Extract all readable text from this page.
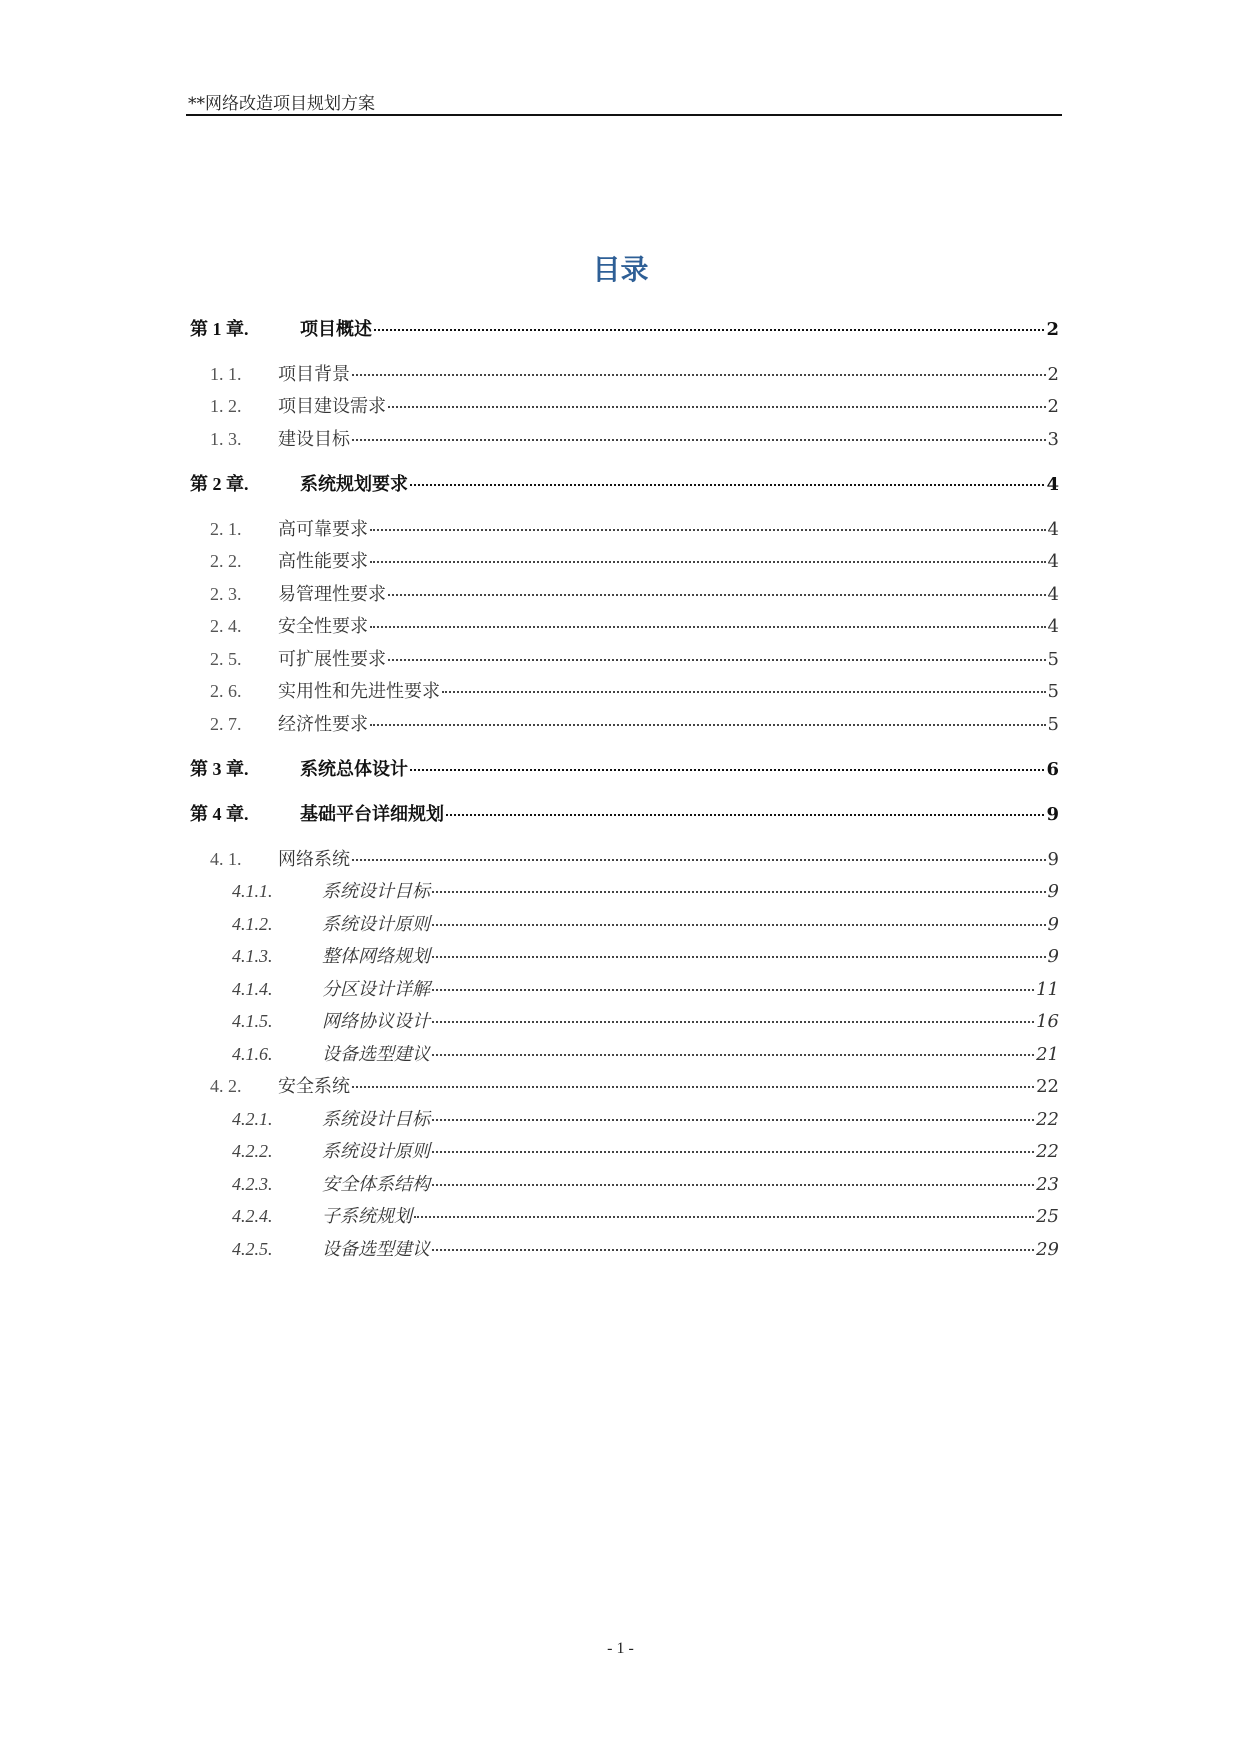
**网络改造项目规划方案
目录
第 1 章.	项目概述	2
1. 1.	项目背景	2
1. 2.	项目建设需求	2
1. 3.	建设目标	3
第 2 章.	系统规划要求	4
2. 1.	高可靠要求	4
2. 2.	高性能要求	4
2. 3.	易管理性要求	4
2. 4.	安全性要求	4
2. 5.	可扩展性要求	5
2. 6.	实用性和先进性要求	5
2. 7.	经济性要求	5
第 3 章.	系统总体设计	6
第 4 章.	基础平台详细规划	9
4. 1.	网络系统	9
4.1.1.	系统设计目标	9
4.1.2.	系统设计原则	9
4.1.3.	整体网络规划	9
4.1.4.	分区设计详解	11
4.1.5.	网络协议设计	16
4.1.6.	设备选型建议	21
4. 2.	安全系统	22
4.2.1.	系统设计目标	22
4.2.2.	系统设计原则	22
4.2.3.	安全体系结构	23
4.2.4.	子系统规划	25
4.2.5.	设备选型建议	29
- 1 -
